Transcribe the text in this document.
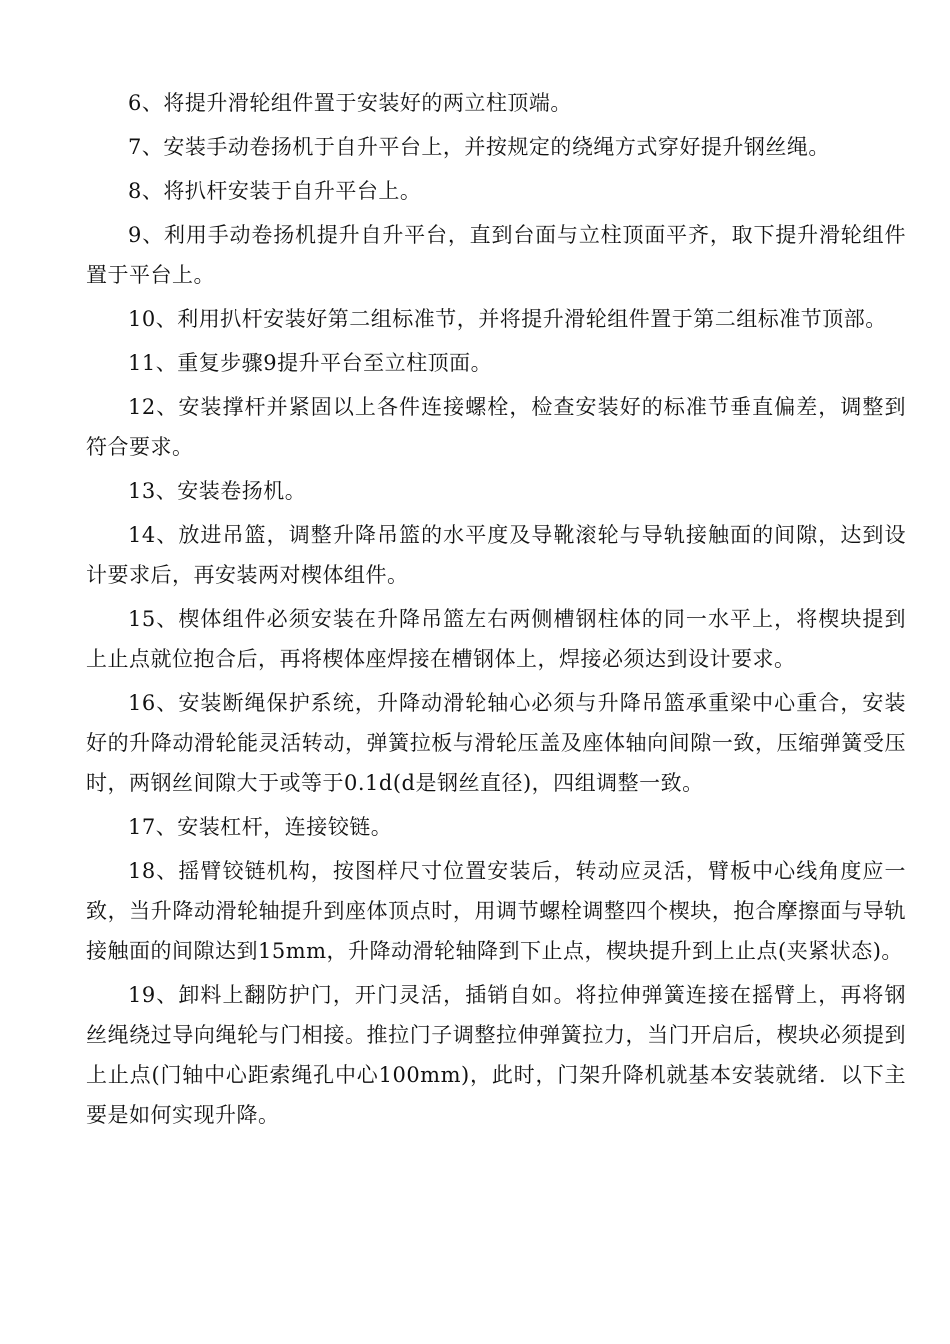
6、将提升滑轮组件置于安装好的两立柱顶端。

7、安装手动卷扬机于自升平台上，并按规定的绕绳方式穿好提升钢丝绳。

8、将扒杆安装于自升平台上。

9、利用手动卷扬机提升自升平台，直到台面与立柱顶面平齐，取下提升滑轮组件置于平台上。

10、利用扒杆安装好第二组标准节，并将提升滑轮组件置于第二组标准节顶部。

11、重复步骤9提升平台至立柱顶面。

12、安装撑杆并紧固以上各件连接螺栓，检查安装好的标准节垂直偏差，调整到符合要求。

13、安装卷扬机。

14、放进吊篮，调整升降吊篮的水平度及导靴滚轮与导轨接触面的间隙，达到设计要求后，再安装两对楔体组件。

15、楔体组件必须安装在升降吊篮左右两侧槽钢柱体的同一水平上，将楔块提到上止点就位抱合后，再将楔体座焊接在槽钢体上，焊接必须达到设计要求。

16、安装断绳保护系统，升降动滑轮轴心必须与升降吊篮承重梁中心重合，安装好的升降动滑轮能灵活转动，弹簧拉板与滑轮压盖及座体轴向间隙一致，压缩弹簧受压时，两钢丝间隙大于或等于0.1d(d是钢丝直径)，四组调整一致。

17、安装杠杆，连接铰链。

18、摇臂铰链机构，按图样尺寸位置安装后，转动应灵活，臂板中心线角度应一致，当升降动滑轮轴提升到座体顶点时，用调节螺栓调整四个楔块，抱合摩擦面与导轨接触面的间隙达到15mm，升降动滑轮轴降到下止点，楔块提升到上止点(夹紧状态)。

19、卸料上翻防护门，开门灵活，插销自如。将拉伸弹簧连接在摇臂上，再将钢丝绳绕过导向绳轮与门相接。推拉门子调整拉伸弹簧拉力，当门开启后，楔块必须提到上止点(门轴中心距索绳孔中心100mm)，此时，门架升降机就基本安装就绪．以下主要是如何实现升降。
